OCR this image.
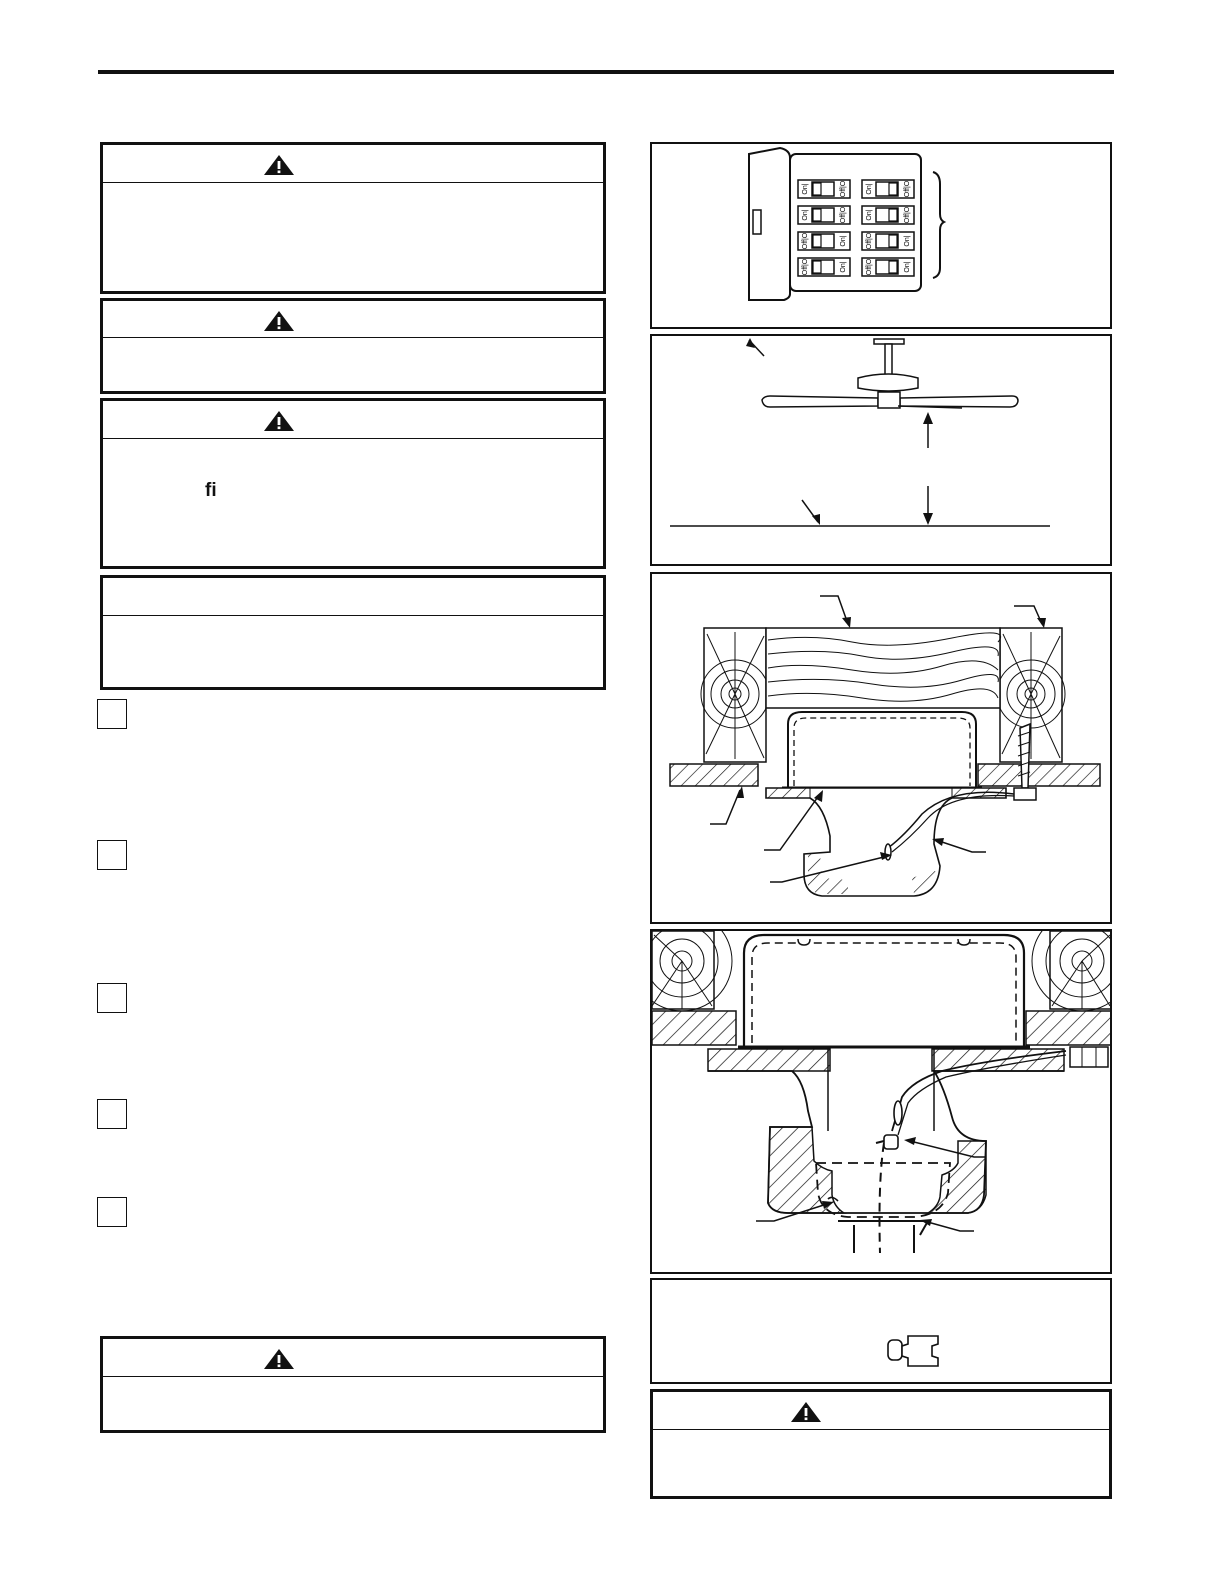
fi
On|	Off|O	On|	Off|O
On|	Off|O	On|	Off|O
Off|O	On|	Off|O	On|
Off|O	On|	Off|O	On|
